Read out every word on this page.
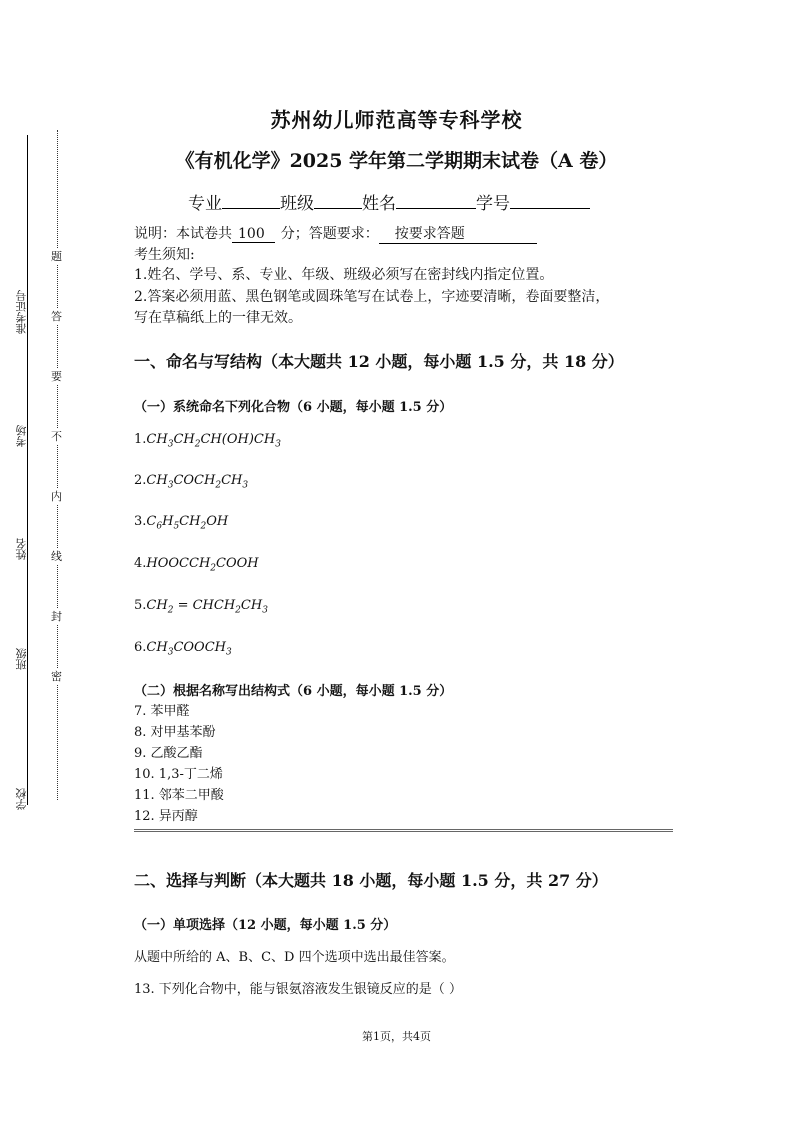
准考证号
考场
姓名
班级
学校
题
答
要
不
内
线
封
密
苏州幼儿师范高等专科学校
《有机化学》2025 学年第二学期期末试卷（A 卷）
专业	班级	姓名	学号
说明：本试卷共 100 分；答题要求： 按要求答题
考生须知:
1.姓名、学号、系、专业、年级、班级必须写在密封线内指定位置。
2.答案必须用蓝、黑色钢笔或圆珠笔写在试卷上，字迹要清晰，卷面要整洁，
写在草稿纸上的一律无效。
一、命名与写结构（本大题共 12 小题，每小题 1.5 分，共 18 分）
（一）系统命名下列化合物（6 小题，每小题 1.5 分）
$1.CH_3CH_2CH(OH)CH_3$
$2.CH_3COCH_2CH_3$
$3.C_6H_5CH_2OH$
$4.HOOCCH_2COOH$
$5.CH_2$ = $CHCH_2CH_3$
$6.CH_3COOCH_3$
（二）根据名称写出结构式（6 小题，每小题 1.5 分）
7. 苯甲醛
8. 对甲基苯酚
9. 乙酸乙酯
10. 1,3-丁二烯
11. 邻苯二甲酸
12. 异丙醇
二、选择与判断（本大题共 18 小题，每小题 1.5 分，共 27 分）
（一）单项选择（12 小题，每小题 1.5 分）
从题中所给的 A、B、C、D 四个选项中选出最佳答案。
13. 下列化合物中，能与银氨溶液发生银镜反应的是（ ）
第1页，共4页
